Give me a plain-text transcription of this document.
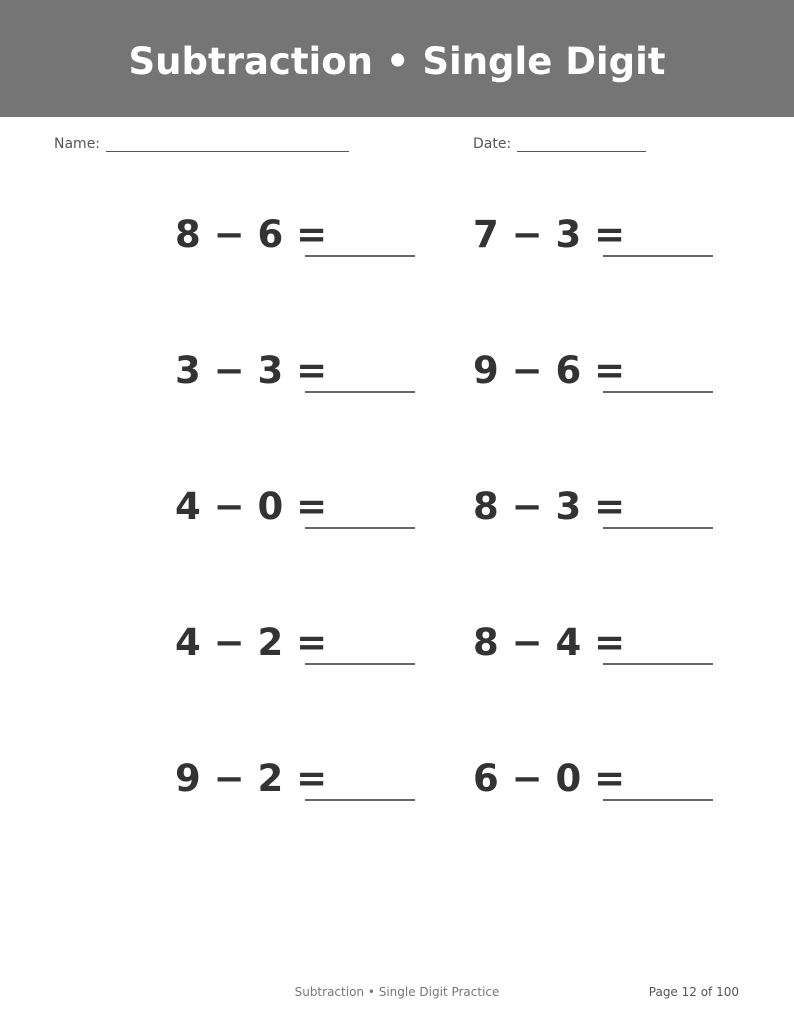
Subtraction • Single Digit
Name:	Date:
8 − 6 =	7 − 3 =
3 − 3 =	9 − 6 =
4 − 0 =	8 − 3 =
4 − 2 =	8 − 4 =
9 − 2 =	6 − 0 =
Subtraction • Single Digit Practice	Page 12 of 100
